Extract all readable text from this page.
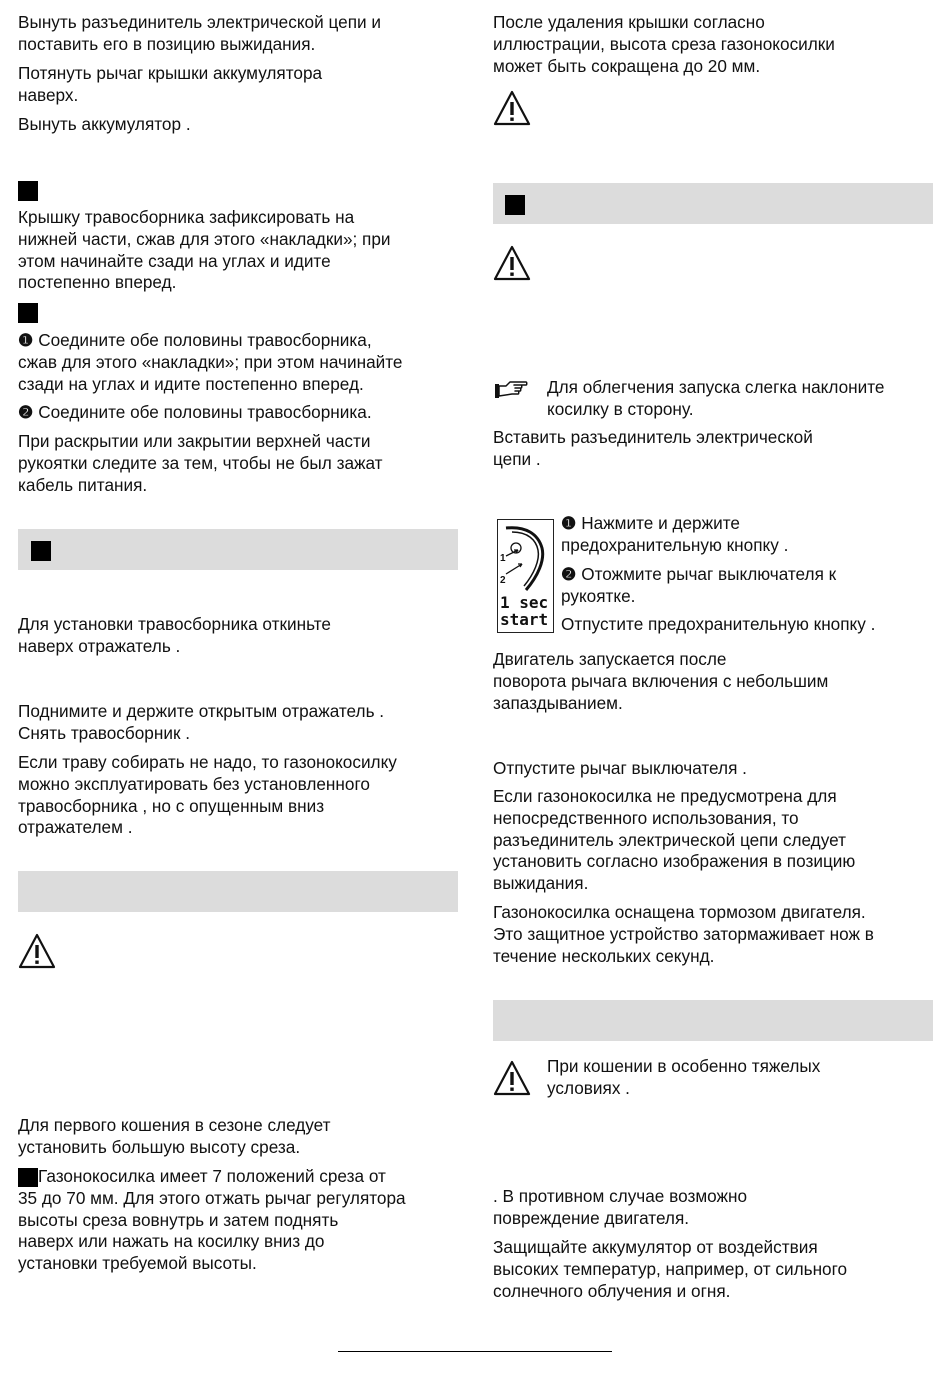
Вынуть разъединитель электрической цепи и
поставить его в позицию выжидания.

Потянуть рычаг крышки аккумулятора
наверх.

Вынуть аккумулятор .

Крышку травосборника зафиксировать на
нижней части, сжав для этого «накладки»; при
этом начинайте сзади на углах и идите
постепенно вперед.

❶ Соедините обе половины травосборника,
сжав для этого «накладки»; при этом начинайте
сзади на углах и идите постепенно вперед.

❷ Соедините обе половины травосборника.

При раскрытии или закрытии верхней части
рукоятки следите за тем, чтобы не был зажат
кабель питания.

Для установки травосборника откиньте
наверх отражатель .

Поднимите и держите открытым отражатель .
Снять травосборник .

Если траву собирать не надо, то газонокосилку
можно эксплуатировать без установленного
травосборника , но с опущенным вниз
отражателем .

Для первого кошения в сезоне следует
установить большую высоту среза.

Газонокосилка имеет 7 положений среза от
35 до 70 мм. Для этого отжать рычаг регулятора
высоты среза вовнутрь и затем поднять
наверх или нажать на косилку вниз до
установки требуемой высоты.

После удаления крышки согласно
иллюстрации, высота среза газонокосилки
может быть сокращена до 20 мм.

Для облегчения запуска слегка наклоните
косилку в сторону.

Вставить разъединитель электрической
цепи .

1
2
1 sec
start

❶ Нажмите и держите
предохранительную кнопку .

❷ Отожмите рычаг выключателя к
рукоятке.

Отпустите предохранительную кнопку .

Двигатель запускается после
поворота рычага включения с небольшим
запаздыванием.

Отпустите рычаг выключателя .

Если газонокосилка не предусмотрена для
непосредственного использования, то
разъединитель электрической цепи следует
установить согласно изображения в позицию
выжидания.

Газонокосилка оснащена тормозом двигателя.
Это защитное устройство затормаживает нож в
течение нескольких секунд.

При кошении в особенно тяжелых
условиях .

. В противном случае возможно
повреждение двигателя.

Защищайте аккумулятор от воздействия
высоких температур, например, от сильного
солнечного облучения и огня.
